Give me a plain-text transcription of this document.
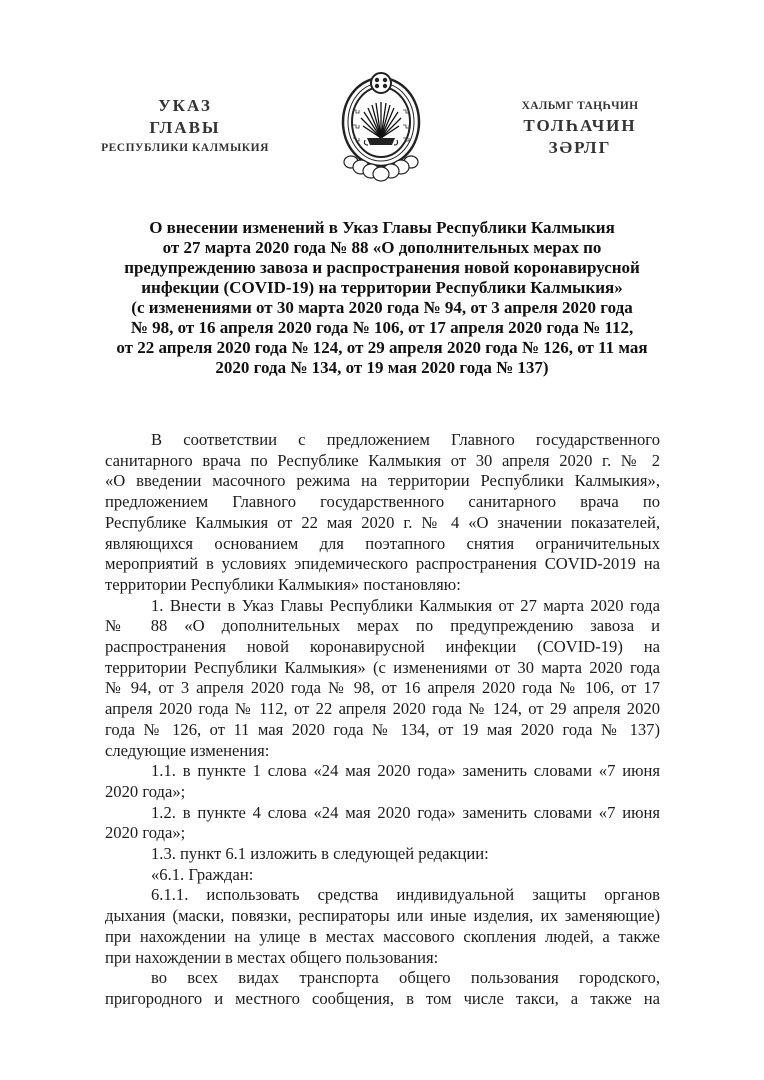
УКАЗ
ГЛАВЫ
РЕСПУБЛИКИ КАЛМЫКИЯ
ХАЛЬМГ ТАҢҺЧИН
ТОЛҺАЧИН
ЗӘРЛГ
О внесении изменений в Указ Главы Республики Калмыкия
от 27 марта 2020 года № 88 «О дополнительных мерах по
предупреждению завоза и распространения новой коронавирусной
инфекции (COVID-19) на территории Республики Калмыкия»
(с изменениями от 30 марта 2020 года № 94, от 3 апреля 2020 года
№ 98, от 16 апреля 2020 года № 106, от 17 апреля 2020 года № 112,
от 22 апреля 2020 года № 124, от 29 апреля 2020 года № 126, от 11 мая
2020 года № 134, от 19 мая 2020 года № 137)
В соответствии с предложением Главного государственного
санитарного врача по Республике Калмыкия от 30 апреля 2020 г. № 2
«О введении масочного режима на территории Республики Калмыкия»,
предложением Главного государственного санитарного врача по
Республике Калмыкия от 22 мая 2020 г. № 4 «О значении показателей,
являющихся основанием для поэтапного снятия ограничительных
мероприятий в условиях эпидемического распространения COVID-2019 на
территории Республики Калмыкия» постановляю:
1. Внести в Указ Главы Республики Калмыкия от 27 марта 2020 года
№ 88 «О дополнительных мерах по предупреждению завоза и
распространения новой коронавирусной инфекции (COVID-19) на
территории Республики Калмыкия» (с изменениями от 30 марта 2020 года
№ 94, от 3 апреля 2020 года № 98, от 16 апреля 2020 года № 106, от 17
апреля 2020 года № 112, от 22 апреля 2020 года № 124, от 29 апреля 2020
года № 126, от 11 мая 2020 года № 134, от 19 мая 2020 года № 137)
следующие изменения:
1.1. в пункте 1 слова «24 мая 2020 года» заменить словами «7 июня
2020 года»;
1.2. в пункте 4 слова «24 мая 2020 года» заменить словами «7 июня
2020 года»;
1.3. пункт 6.1 изложить в следующей редакции:
«6.1. Граждан:
6.1.1. использовать средства индивидуальной защиты органов
дыхания (маски, повязки, респираторы или иные изделия, их заменяющие)
при нахождении на улице в местах массового скопления людей, а также
при нахождении в местах общего пользования:
во всех видах транспорта общего пользования городского,
пригородного и местного сообщения, в том числе такси, а также на
